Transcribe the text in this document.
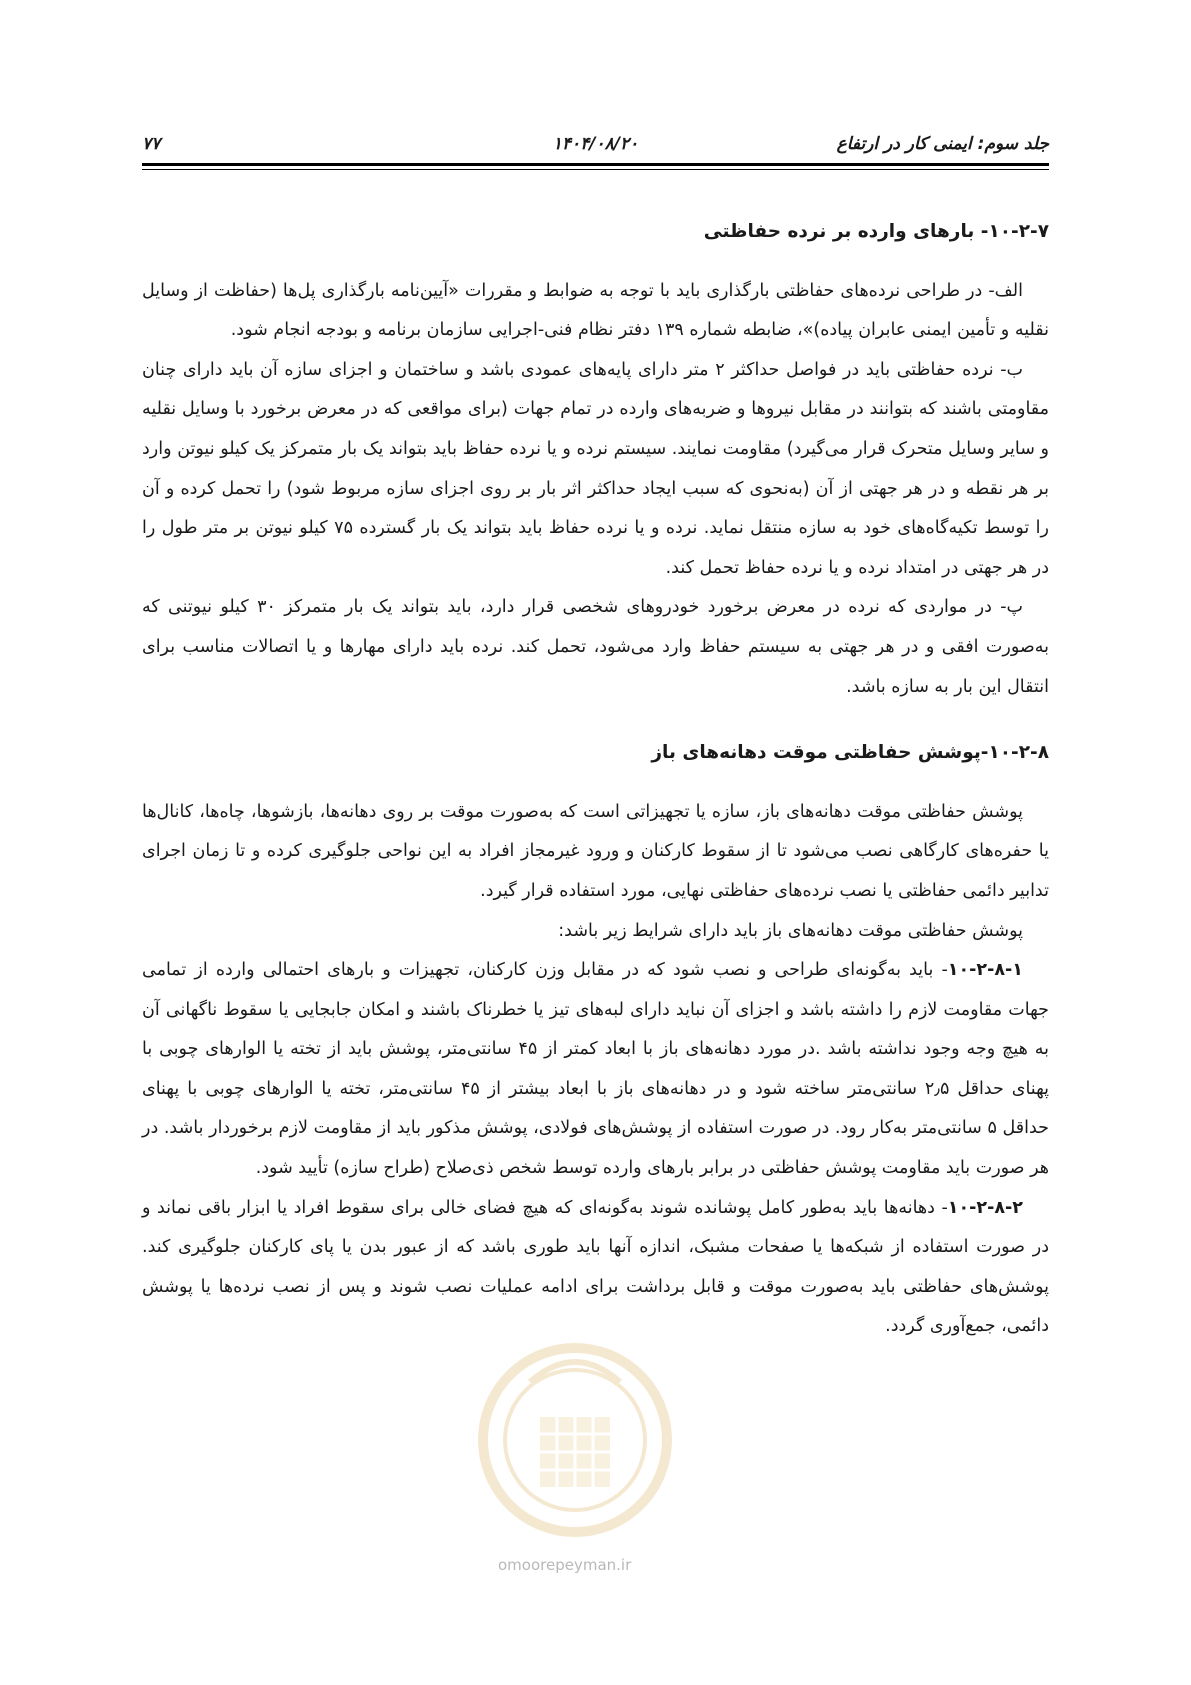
جلد سوم: ایمنی کار در ارتفاع
۱۴۰۴/۰۸/۲۰
۷۷

۱۰-۲-۷- بارهای وارده بر نرده حفاظتی

الف- در طراحی نرده‌های حفاظتی بارگذاری باید با توجه به ضوابط و مقررات «آیین‌نامه بارگذاری پل‌ها (حفاظت از وسایل نقلیه و تأمین ایمنی عابران پیاده)»، ضابطه شماره ۱۳۹ دفتر نظام فنی-اجرایی سازمان برنامه و بودجه انجام شود.

ب- نرده حفاظتی باید در فواصل حداکثر ۲ متر دارای پایه‌های عمودی باشد و ساختمان و اجزای سازه آن باید دارای چنان مقاومتی باشند که بتوانند در مقابل نیروها و ضربه‌های وارده در تمام جهات (برای مواقعی که در معرض برخورد با وسایل نقلیه و سایر وسایل متحرک قرار می‌گیرد) مقاومت نمایند. سیستم نرده و یا نرده حفاظ باید بتواند یک بار متمرکز یک کیلو نیوتن وارد بر هر نقطه و در هر جهتی از آن (به‌نحوی که سبب ایجاد حداکثر اثر بار بر روی اجزای سازه مربوط شود) را تحمل کرده و آن را توسط تکیه‌گاه‌های خود به سازه منتقل نماید. نرده و یا نرده حفاظ باید بتواند یک بار گسترده ۷۵ کیلو نیوتن بر متر طول را در هر جهتی در امتداد نرده و یا نرده حفاظ تحمل کند.

پ- در مواردی که نرده در معرض برخورد خودروهای شخصی قرار دارد، باید بتواند یک بار متمرکز ۳۰ کیلو نیوتنی که به‌صورت افقی و در هر جهتی به سیستم حفاظ وارد می‌شود، تحمل کند. نرده باید دارای مهارها و یا اتصالات مناسب برای انتقال این بار به سازه باشد.

۱۰-۲-۸-پوشش حفاظتی موقت دهانه‌های باز

پوشش حفاظتی موقت دهانه‌های باز، سازه یا تجهیزاتی است که به‌صورت موقت بر روی دهانه‌ها، بازشوها، چاه‌ها، کانال‌ها یا حفره‌های کارگاهی نصب می‌شود تا از سقوط کارکنان و ورود غیرمجاز افراد به این نواحی جلوگیری کرده و تا زمان اجرای تدابیر دائمی حفاظتی یا نصب نرده‌های حفاظتی نهایی، مورد استفاده قرار گیرد.

پوشش حفاظتی موقت دهانه‌های باز باید دارای شرایط زیر باشد:

۱۰-۲-۸-۱- باید به‌گونه‌ای طراحی و نصب شود که در مقابل وزن کارکنان، تجهیزات و بارهای احتمالی وارده از تمامی جهات مقاومت لازم را داشته باشد و اجزای آن نباید دارای لبه‌های تیز یا خطرناک باشند و امکان جابجایی یا سقوط ناگهانی آن به هیچ وجه وجود نداشته باشد .در مورد دهانه‌های باز با ابعاد کمتر از ۴۵ سانتی‌متر، پوشش باید از تخته یا الوارهای چوبی با پهنای حداقل ۲٫۵ سانتی‌متر ساخته شود و در دهانه‌های باز با ابعاد بیشتر از ۴۵ سانتی‌متر، تخته یا الوارهای چوبی با پهنای حداقل ۵ سانتی‌متر به‌کار رود. در صورت استفاده از پوشش‌های فولادی، پوشش مذکور باید از مقاومت لازم برخوردار باشد. در هر صورت باید مقاومت پوشش حفاظتی در برابر بارهای وارده توسط شخص ذی‌صلاح (طراح سازه) تأیید شود.

۱۰-۲-۸-۲- دهانه‌ها باید به‌طور کامل پوشانده شوند به‌گونه‌ای که هیچ فضای خالی برای سقوط افراد یا ابزار باقی نماند و در صورت استفاده از شبکه‌ها یا صفحات مشبک، اندازه آنها باید طوری باشد که از عبور بدن یا پای کارکنان جلوگیری کند. پوشش‌های حفاظتی باید به‌صورت موقت و قابل برداشت برای ادامه عملیات نصب شوند و پس از نصب نرده‌ها یا پوشش دائمی، جمع‌آوری گردد.

omoorepeyman.ir
